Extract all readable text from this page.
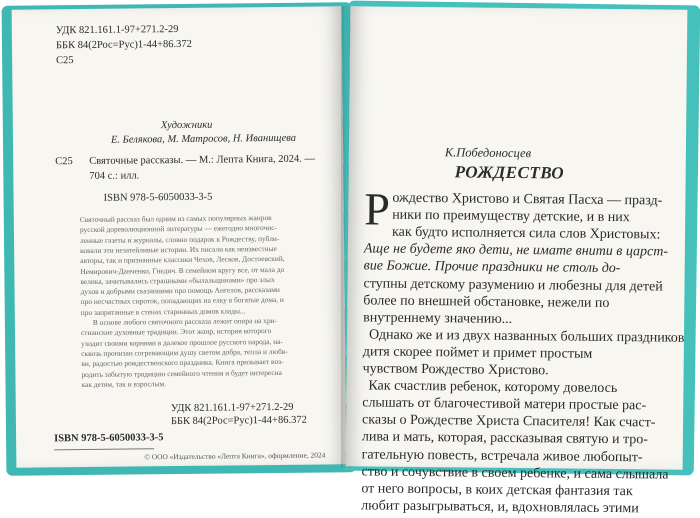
УДК 821.161.1-97+271.2-29
ББК 84(2Рос=Рус)1-44+86.372
С25
Художники
Е. Белякова, М. Матросов, Н. Иванищева
С25 Святочные рассказы. — М.: Лепта Книга, 2024. —
704 с.: илл.
ISBN 978-5-6050033-3-5
Святочный рассказ был одним из самых популярных жанров
русской дореволюционной литературы — ежегодно многочис-
ленные газеты и журналы, словно подарок к Рождеству, публи-
ковали эти незатейливые истории. Их писали как неизвестные
авторы, так и признанные классики Чехов, Лесков, Достоевский,
Немирович-Данченко, Гнедич. В семейном кругу все, от мала до
велика, зачитывались страшными «былальщинами» про злых
духов и добрыми сказаниями про помощь Ангелов, рассказами
про несчастных сироток, попадающих на елку в богатые дома, и
про запрятанные в стенах старинных домов клады...
В основе любого святочного рассказа лежит опора на хри-
стианские духовные традиции. Этот жанр, история которого
уходит своими корнями в далекое прошлое русского народа, на-
сквозь пронизан согревающим душу светом добра, тепла и любв-
ви, радостью рождественского праздника. Книга призывает воз-
родить забытую традицию семейного чтения и будет интересна
как детям, так и взрослым.
УДК 821.161.1-97+271.2-29
ББК 84(2Рос=Рус)1-44+86.372
ISBN 978-5-6050033-3-5
© ООО «Издательство «Лепта Книга», оформление, 2024
К.Победоносцев
РОЖДЕСТВО
Р ождество Христово и Святая Пасха — празд-
ники по преимуществу детские, и в них
как будто исполняется сила слов Христовых:
Аще не будете яко дети, не имате внити в царст-
вие Божие. Прочие праздники не столь до-
ступны детскому разумению и любезны для детей
более по внешней обстановке, нежели по
внутреннему значению...
Однако же и из двух названных больших праздников
дитя скорее поймет и примет простым
чувством Рождество Христово.
Как счастлив ребенок, которому довелось
слышать от благочестивой матери простые рас-
сказы о Рождестве Христа Спасителя! Как счаст-
лива и мать, которая, рассказывая святую и тро-
гательную повесть, встречала живое любопыт-
ство и сочувствие в своем ребенке, и сама слышала
от него вопросы, в коих детская фантазия так
любит разыгрываться, и, вдохновлялась этими
